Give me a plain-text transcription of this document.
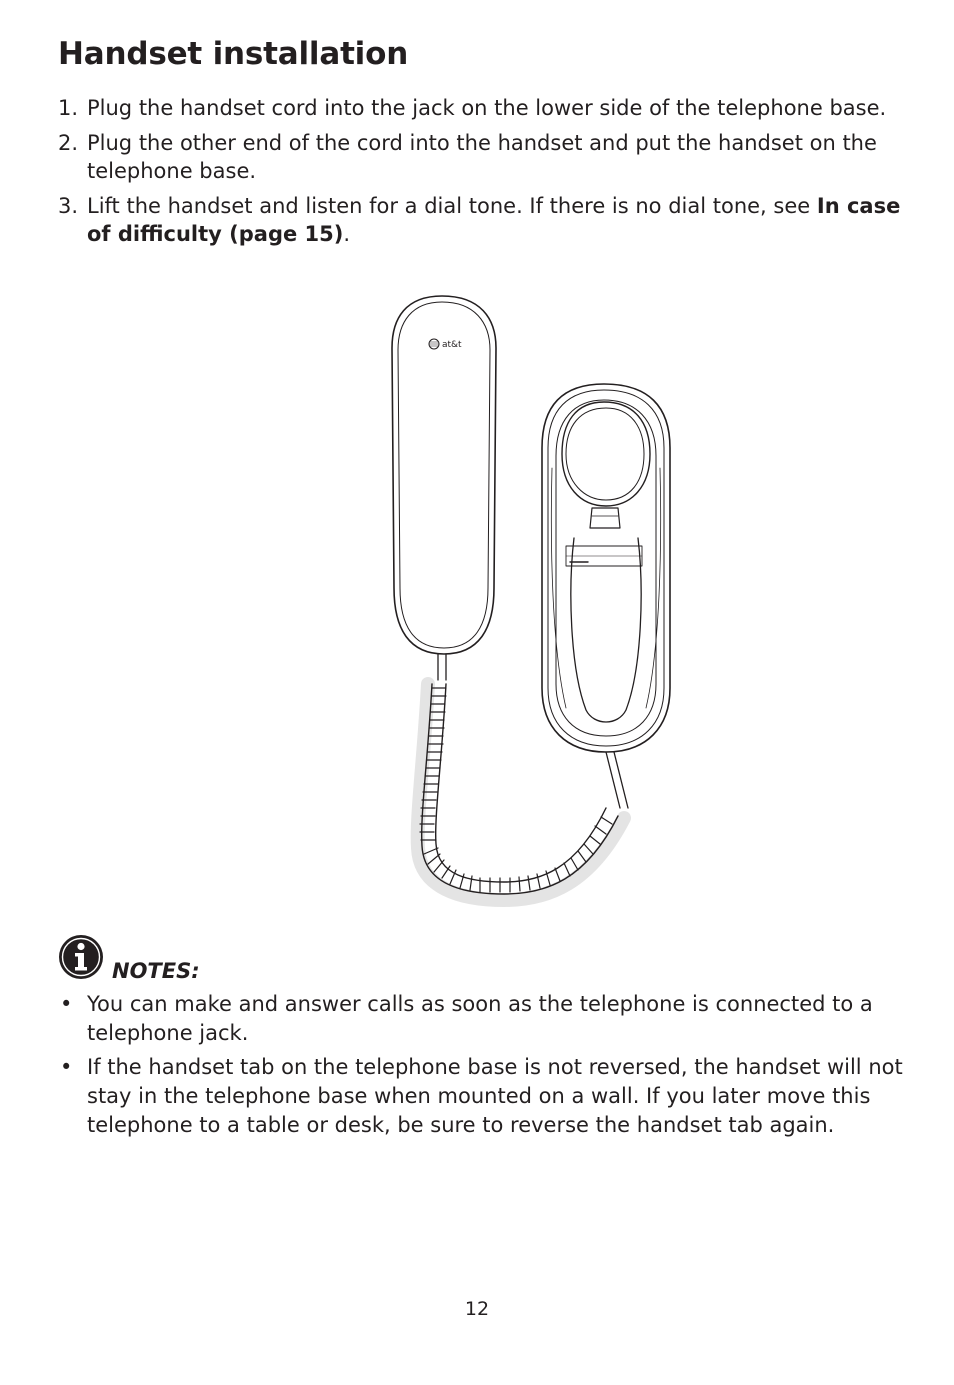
Handset installation
1. Plug the handset cord into the jack on the lower side of the telephone base.
2. Plug the other end of the cord into the handset and put the handset on the telephone base.
3. Lift the handset and listen for a dial tone. If there is no dial tone, see In case of difficulty (page 15).
at&t
NOTES:
• You can make and answer calls as soon as the telephone is connected to a telephone jack.
• If the handset tab on the telephone base is not reversed, the handset will not stay in the telephone base when mounted on a wall. If you later move this telephone to a table or desk, be sure to reverse the handset tab again.
12
